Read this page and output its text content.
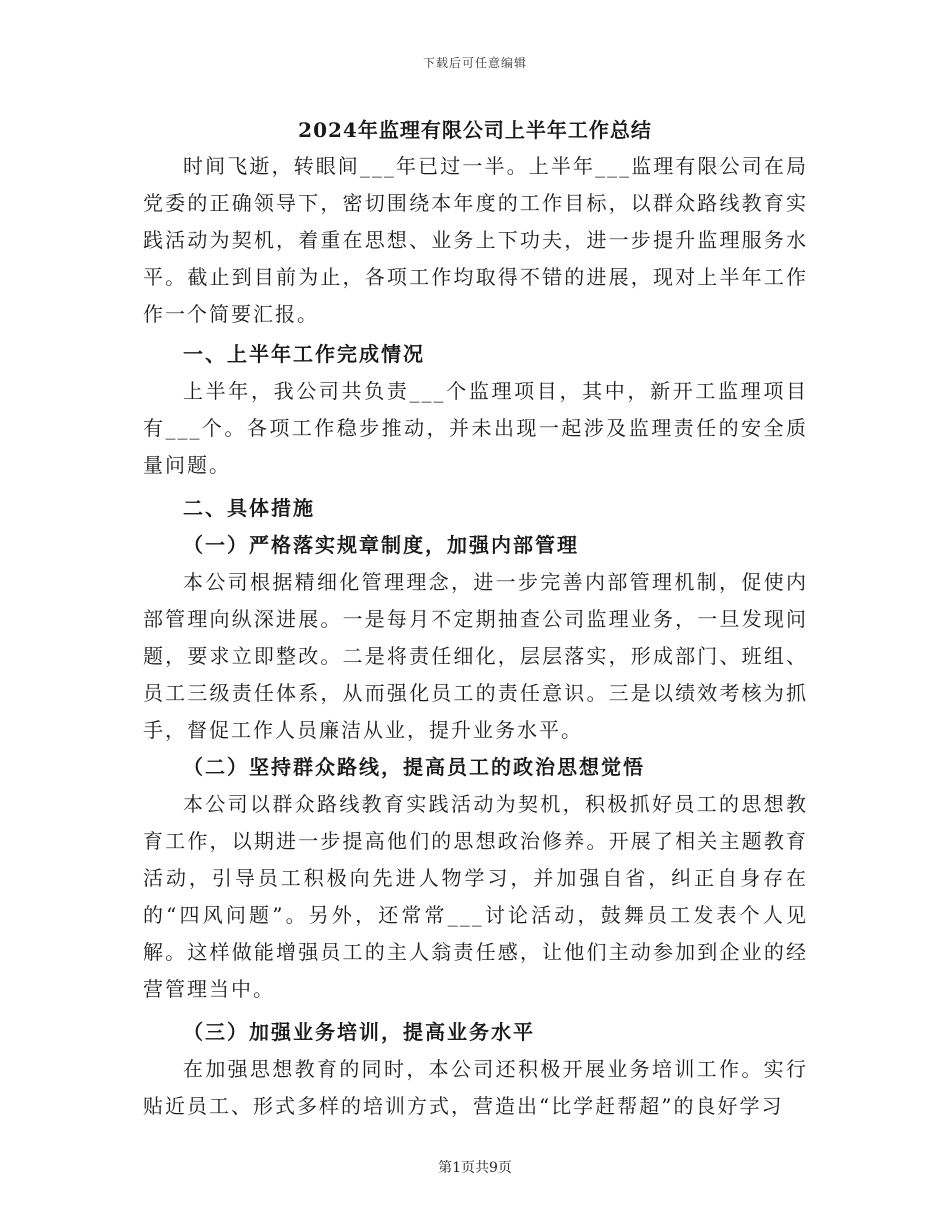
下载后可任意编辑
2024年监理有限公司上半年工作总结

时间飞逝，转眼间___年已过一半。上半年___监理有限公司在局党委的正确领导下，密切围绕本年度的工作目标，以群众路线教育实践活动为契机，着重在思想、业务上下功夫，进一步提升监理服务水平。截止到目前为止，各项工作均取得不错的进展，现对上半年工作作一个简要汇报。

一、上半年工作完成情况

上半年，我公司共负责___个监理项目，其中，新开工监理项目有___个。各项工作稳步推动，并未出现一起涉及监理责任的安全质量问题。

二、具体措施
（一）严格落实规章制度，加强内部管理

本公司根据精细化管理理念，进一步完善内部管理机制，促使内部管理向纵深进展。一是每月不定期抽查公司监理业务，一旦发现问题，要求立即整改。二是将责任细化，层层落实，形成部门、班组、员工三级责任体系，从而强化员工的责任意识。三是以绩效考核为抓手，督促工作人员廉洁从业，提升业务水平。

（二）坚持群众路线，提高员工的政治思想觉悟

本公司以群众路线教育实践活动为契机，积极抓好员工的思想教育工作，以期进一步提高他们的思想政治修养。开展了相关主题教育活动，引导员工积极向先进人物学习，并加强自省，纠正自身存在的“四风问题”。另外，还常常___讨论活动，鼓舞员工发表个人见解。这样做能增强员工的主人翁责任感，让他们主动参加到企业的经营管理当中。

（三）加强业务培训，提高业务水平

在加强思想教育的同时，本公司还积极开展业务培训工作。实行贴近员工、形式多样的培训方式，营造出“比学赶帮超”的良好学习

第1页共9页
